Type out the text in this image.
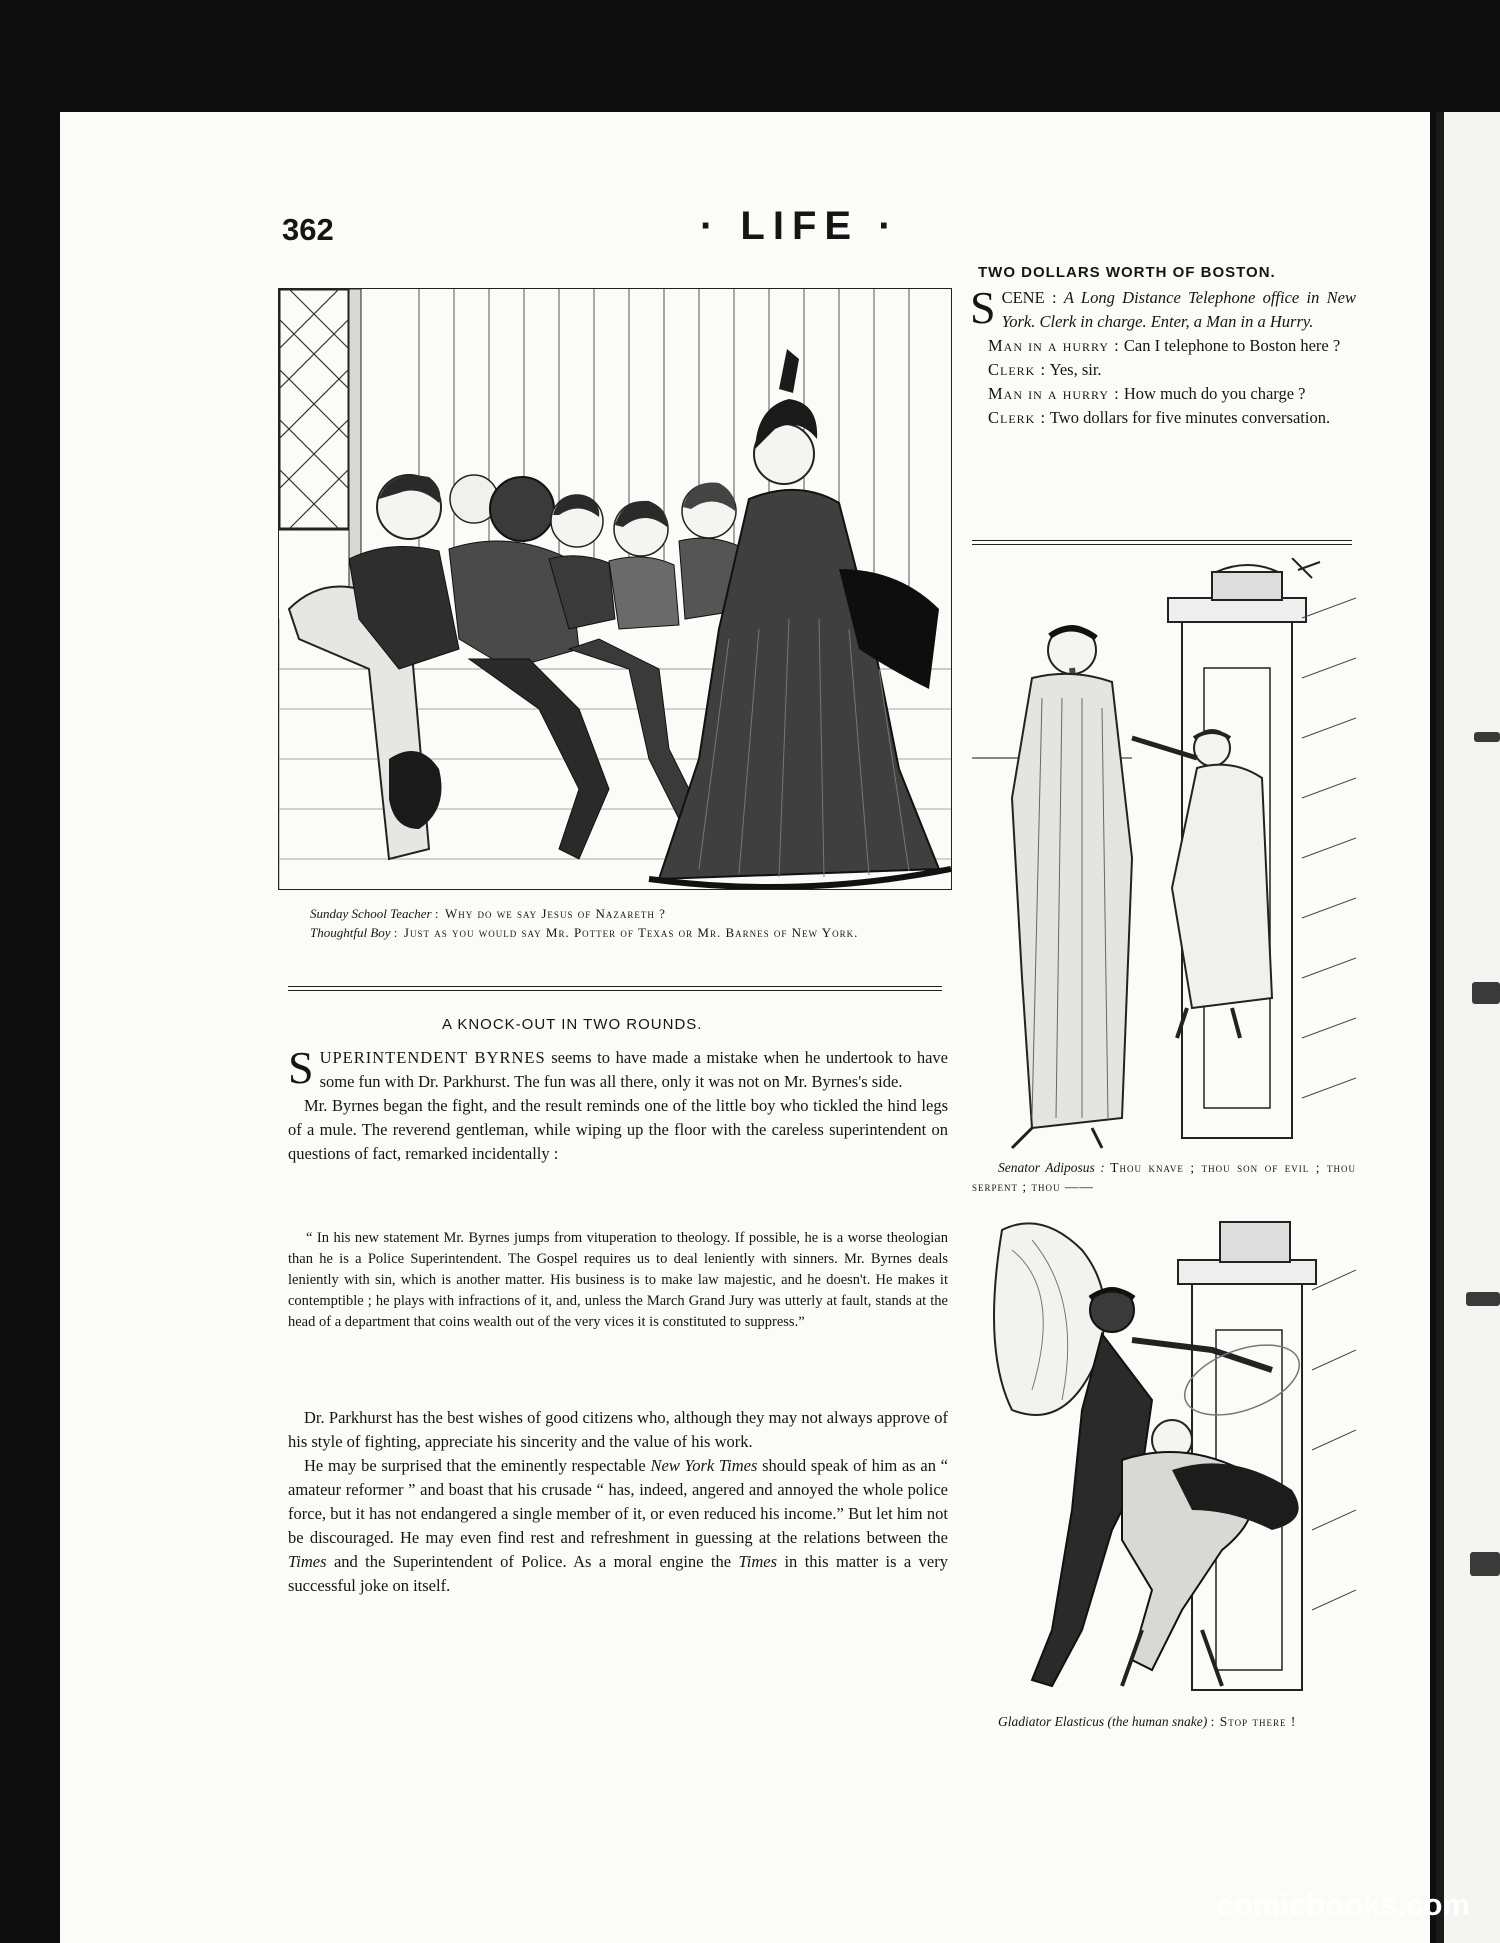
362	· LIFE ·
Sunday School Teacher :  Why do we say Jesus of Nazareth ?
Thoughtful Boy :  Just as you would say Mr. Potter of Texas or Mr. Barnes of New York.
A KNOCK-OUT IN TWO ROUNDS.

SUPERINTENDENT BYRNES seems to have made a mistake when he undertook to have some fun with Dr. Parkhurst. The fun was all there, only it was not on Mr. Byrnes's side.

Mr. Byrnes began the fight, and the result reminds one of the little boy who tickled the hind legs of a mule. The reverend gentleman, while wiping up the floor with the careless superintendent on questions of fact, remarked incidentally :

“ In his new statement Mr. Byrnes jumps from vituperation to theology. If possible, he is a worse theologian than he is a Police Superintendent. The Gospel requires us to deal leniently with sinners. Mr. Byrnes deals leniently with sin, which is another matter. His business is to make law majestic, and he doesn't. He makes it contemptible ; he plays with infractions of it, and, unless the March Grand Jury was utterly at fault, stands at the head of a department that coins wealth out of the very vices it is constituted to suppress.”

Dr. Parkhurst has the best wishes of good citizens who, although they may not always approve of his style of fighting, appreciate his sincerity and the value of his work.

He may be surprised that the eminently respectable New York Times should speak of him as an “ amateur reformer ” and boast that his crusade “ has, indeed, angered and annoyed the whole police force, but it has not endangered a single member of it, or even reduced his income.” But let him not be discouraged. He may even find rest and refreshment in guessing at the relations between the Times and the Superintendent of Police. As a moral engine the Times in this matter is a very successful joke on itself.

TWO DOLLARS WORTH OF BOSTON.

SCENE : A Long Distance Telephone office in New York. Clerk in charge. Enter, a Man in a Hurry.

Man in a hurry : Can I telephone to Boston here ?

Clerk : Yes, sir.

Man in a hurry : How much do you charge ?

Clerk : Two dollars for five minutes conversation.

Senator Adiposus : Thou knave ; thou son of evil ; thou serpent ; thou ——
Gladiator Elasticus (the human snake) : Stop there !
comicbooks.com
